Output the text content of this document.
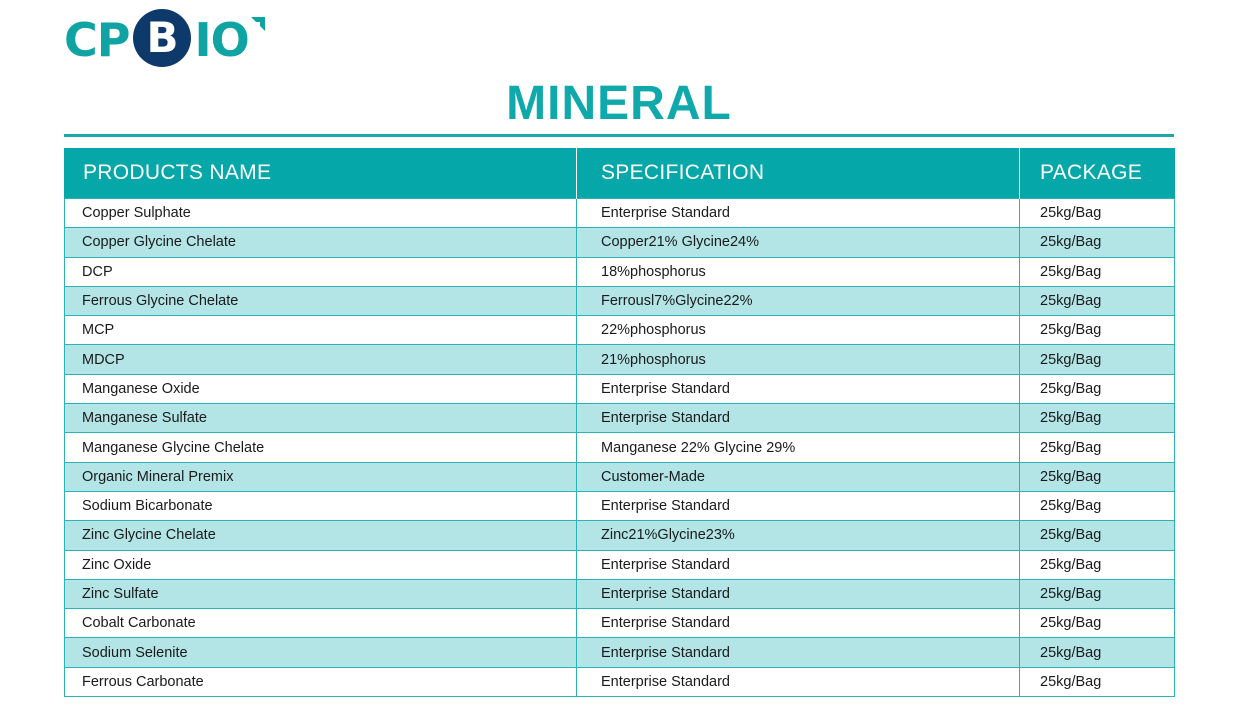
CP B IO
MINERAL
PRODUCTS NAME	SPECIFICATION	PACKAGE
Copper Sulphate	Enterprise Standard	25kg/Bag
Copper Glycine Chelate	Copper21% Glycine24%	25kg/Bag
DCP	18%phosphorus	25kg/Bag
Ferrous Glycine Chelate	Ferrousl7%Glycine22%	25kg/Bag
MCP	22%phosphorus	25kg/Bag
MDCP	21%phosphorus	25kg/Bag
Manganese Oxide	Enterprise Standard	25kg/Bag
Manganese Sulfate	Enterprise Standard	25kg/Bag
Manganese Glycine Chelate	Manganese 22% Glycine 29%	25kg/Bag
Organic Mineral Premix	Customer-Made	25kg/Bag
Sodium Bicarbonate	Enterprise Standard	25kg/Bag
Zinc Glycine Chelate	Zinc21%Glycine23%	25kg/Bag
Zinc Oxide	Enterprise Standard	25kg/Bag
Zinc Sulfate	Enterprise Standard	25kg/Bag
Cobalt Carbonate	Enterprise Standard	25kg/Bag
Sodium Selenite	Enterprise Standard	25kg/Bag
Ferrous Carbonate	Enterprise Standard	25kg/Bag
